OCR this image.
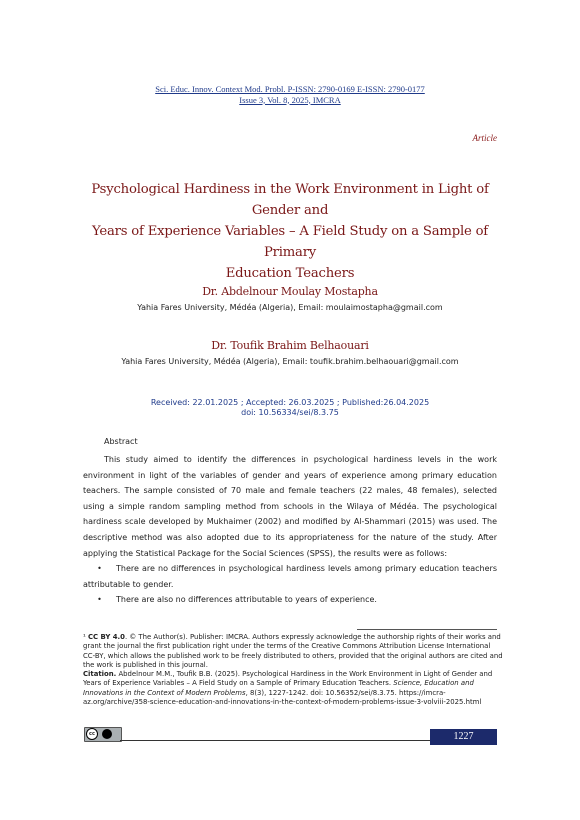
Sci. Educ. Innov. Context Mod. Probl. P-ISSN: 2790-0169 E-ISSN: 2790-0177
Issue 3, Vol. 8, 2025, IMCRA
Article
Psychological Hardiness in the Work Environment in Light of Gender and
Years of Experience Variables – A Field Study on a Sample of Primary
Education Teachers
Dr. Abdelnour Moulay Mostapha
Yahia Fares University, Médéa (Algeria), Email: moulaimostapha@gmail.com
Dr. Toufik Brahim Belhaouari
Yahia Fares University, Médéa (Algeria), Email: toufik.brahim.belhaouari@gmail.com
Received: 22.01.2025 ; Accepted: 26.03.2025 ; Published:26.04.2025
doi: 10.56334/sei/8.3.75
Abstract

This study aimed to identify the differences in psychological hardiness levels in the work environment in light of the variables of gender and years of experience among primary education teachers. The sample consisted of 70 male and female teachers (22 males, 48 females), selected using a simple random sampling method from schools in the Wilaya of Médéa. The psychological hardiness scale developed by Mukhaimer (2002) and modified by Al-Shammari (2015) was used. The descriptive method was also adopted due to its appropriateness for the nature of the study. After applying the Statistical Package for the Social Sciences (SPSS), the results were as follows:

• There are no differences in psychological hardiness levels among primary education teachers attributable to gender.

• There are also no differences attributable to years of experience.

¹ CC BY 4.0. © The Author(s). Publisher: IMCRA. Authors expressly acknowledge the authorship rights of their works and grant the journal the first publication right under the terms of the Creative Commons Attribution License International CC-BY, which allows the published work to be freely distributed to others, provided that the original authors are cited and the work is published in this journal.
Citation. Abdelnour M.M., Toufik B.B. (2025). Psychological Hardiness in the Work Environment in Light of Gender and Years of Experience Variables – A Field Study on a Sample of Primary Education Teachers. Science, Education and Innovations in the Context of Modern Problems, 8(3), 1227-1242. doi: 10.56352/sei/8.3.75. https://imcra-az.org/archive/358-science-education-and-innovations-in-the-context-of-modern-problems-issue-3-volviii-2025.html
cc	1227
